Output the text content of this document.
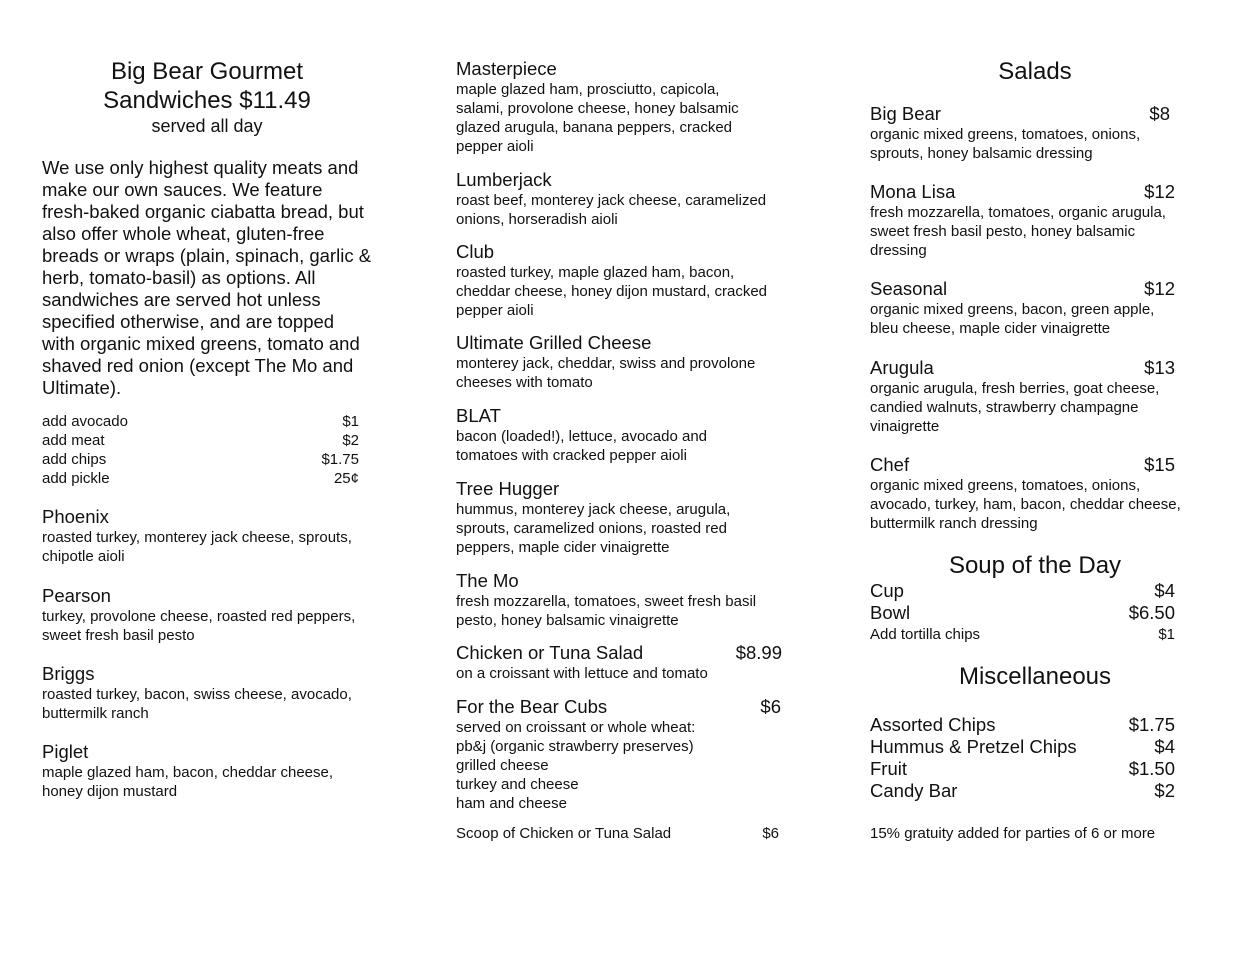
Big Bear Gourmet
Sandwiches $11.49

served all day

We use only highest quality meats and make our own sauces. We feature fresh-baked organic ciabatta bread, but also offer whole wheat, gluten-free breads or wraps (plain, spinach, garlic & herb, tomato-basil) as options. All sandwiches are served hot unless specified otherwise, and are topped with organic mixed greens, tomato and shaved red onion (except The Mo and Ultimate).

add avocado	$1
add meat	$2
add chips	$1.75
add pickle	25¢
Phoenix

roasted turkey, monterey jack cheese, sprouts, chipotle aioli

Pearson

turkey, provolone cheese, roasted red peppers, sweet fresh basil pesto

Briggs

roasted turkey, bacon, swiss cheese, avocado, buttermilk ranch

Piglet

maple glazed ham, bacon, cheddar cheese, honey dijon mustard

Masterpiece

maple glazed ham, prosciutto, capicola, salami, provolone cheese, honey balsamic glazed arugula, banana peppers, cracked pepper aioli

Lumberjack

roast beef, monterey jack cheese, caramelized onions, horseradish aioli

Club

roasted turkey, maple glazed ham, bacon, cheddar cheese, honey dijon mustard, cracked pepper aioli

Ultimate Grilled Cheese

monterey jack, cheddar, swiss and provolone cheeses with tomato

BLAT

bacon (loaded!), lettuce, avocado and tomatoes with cracked pepper aioli

Tree Hugger

hummus, monterey jack cheese, arugula, sprouts, caramelized onions, roasted red peppers, maple cider vinaigrette

The Mo

fresh mozzarella, tomatoes, sweet fresh basil pesto, honey balsamic vinaigrette

Chicken or Tuna Salad	$8.99

on a croissant with lettuce and tomato

For the Bear Cubs	$6

served on croissant or whole wheat:

pb&j (organic strawberry preserves)

grilled cheese

turkey and cheese

ham and cheese

Scoop of Chicken or Tuna Salad	$6
Salads
Big Bear	$8

organic mixed greens, tomatoes, onions, sprouts, honey balsamic dressing

Mona Lisa	$12

fresh mozzarella, tomatoes, organic arugula, sweet fresh basil pesto, honey balsamic dressing

Seasonal	$12

organic mixed greens, bacon, green apple, bleu cheese, maple cider vinaigrette

Arugula	$13

organic arugula, fresh berries, goat cheese, candied walnuts, strawberry champagne vinaigrette

Chef	$15

organic mixed greens, tomatoes, onions, avocado, turkey, ham, bacon, cheddar cheese, buttermilk ranch dressing

Soup of the Day
Cup	$4
Bowl	$6.50
Add tortilla chips	$1
Miscellaneous
Assorted Chips	$1.75
Hummus & Pretzel Chips	$4
Fruit	$1.50
Candy Bar	$2

15% gratuity added for parties of 6 or more
